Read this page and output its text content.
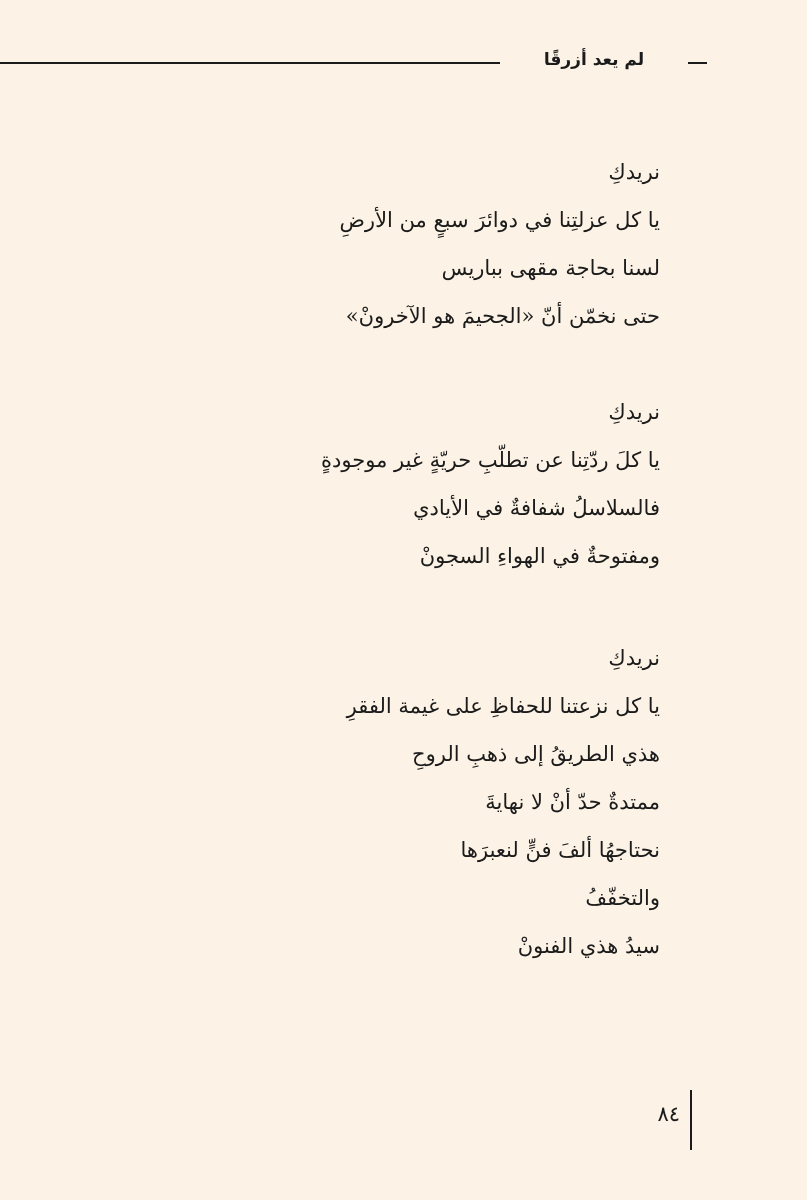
لم يعد أزرقًا
نريدكِ
يا كل عزلتِنا في دوائرَ سبعٍ من الأرضِ
لسنا بحاجة مقهى بباريس
حتى نخمّن أنّ «الجحيمَ هو الآخرونْ»
نريدكِ
يا كلَ ردّتِنا عن تطلّبِ حريّةٍ غير موجودةٍ
فالسلاسلُ شفافةٌ في الأيادي
ومفتوحةٌ في الهواءِ السجونْ
نريدكِ
يا كل نزعتنا للحفاظِ على غيمة الفقرِ
هذي الطريقُ إلى ذهبِ الروحِ
ممتدةٌ حدّ أنْ لا نهايةَ
نحتاجهُا ألفَ فنٍّ لنعبرَها
والتخفّفُ
سيدُ هذي الفنونْ
٨٤
